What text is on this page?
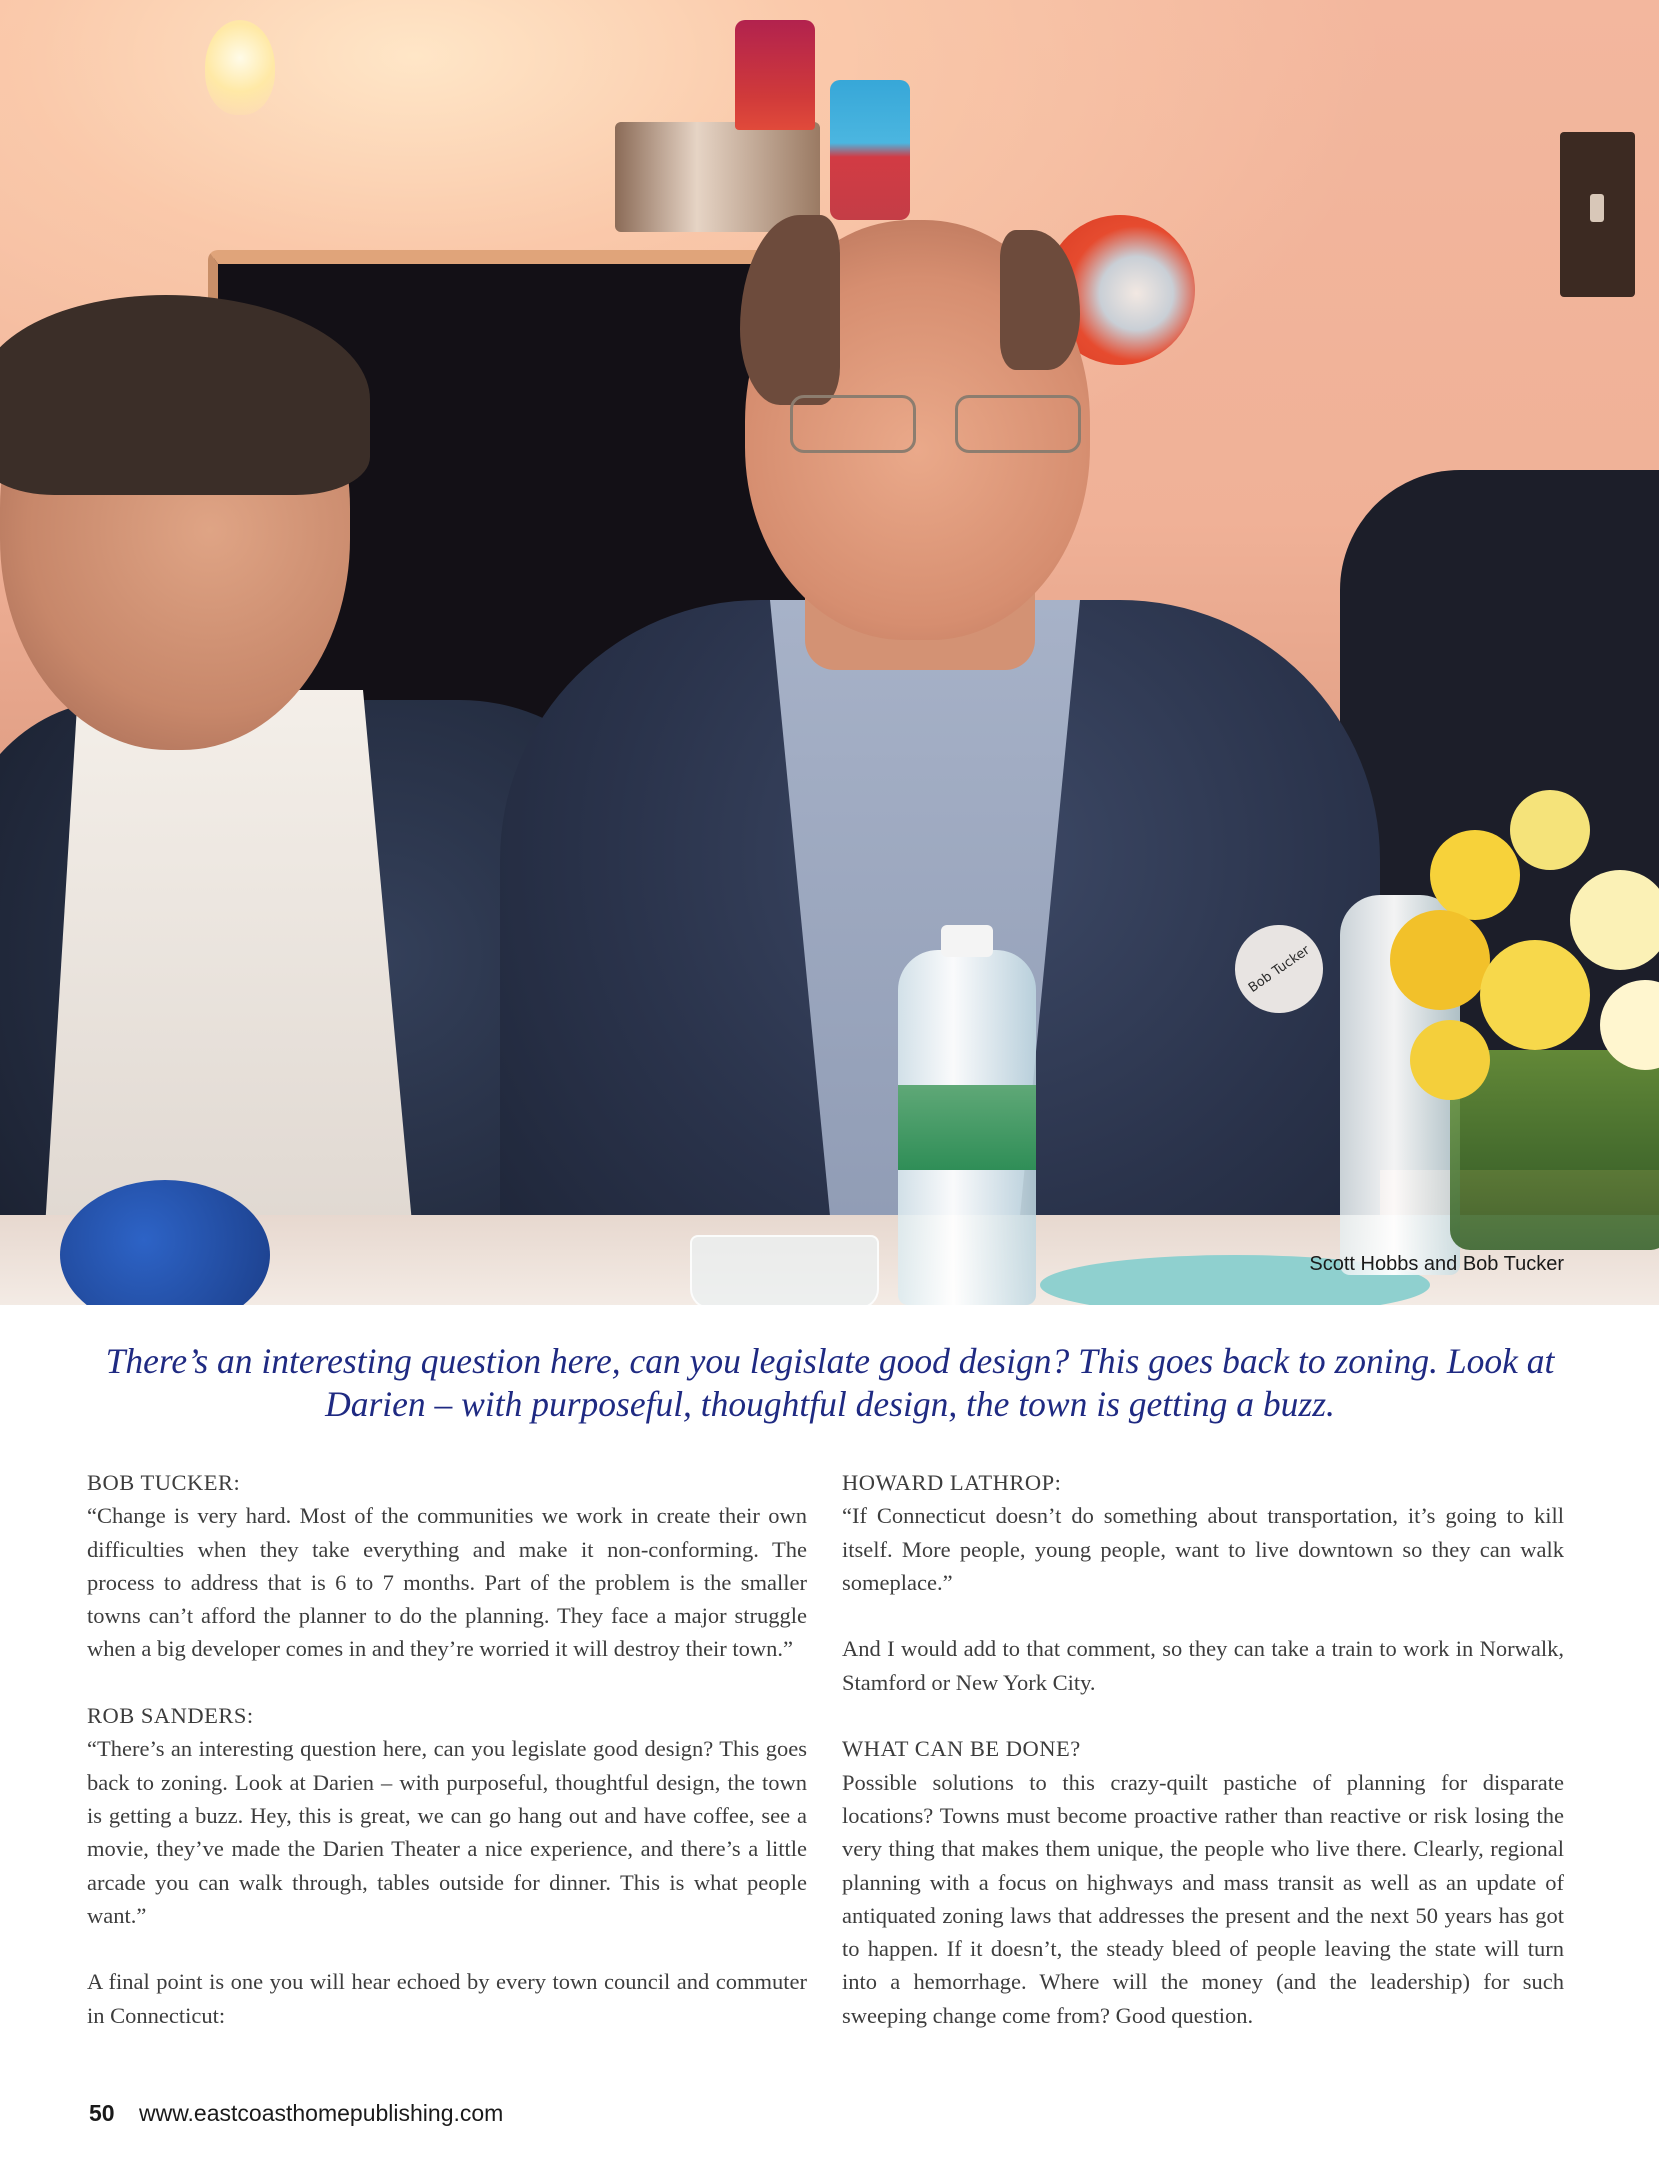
Bob Tucker
Scott Hobbs and Bob Tucker
There’s an interesting question here, can you legislate good design? This goes back to zoning. Look at
Darien – with purposeful, thoughtful design, the town is getting a buzz.

BOB TUCKER:
“Change is very hard. Most of the communities we work in create their own difficulties when they take everything and make it non-conforming. The process to address that is 6 to 7 months. Part of the problem is the smaller towns can’t afford the planner to do the planning. They face a major struggle when a big developer comes in and they’re worried it will destroy their town.”

ROB SANDERS:
“There’s an interesting question here, can you legislate good design? This goes back to zoning. Look at Darien – with purposeful, thoughtful design, the town is getting a buzz. Hey, this is great, we can go hang out and have coffee, see a movie, they’ve made the Darien Theater a nice experience, and there’s a little arcade you can walk through, tables outside for dinner. This is what people want.”

A final point is one you will hear echoed by every town council and commuter in Connecticut:

HOWARD LATHROP:
“If Connecticut doesn’t do something about transportation, it’s going to kill itself. More people, young people, want to live downtown so they can walk someplace.”

And I would add to that comment, so they can take a train to work in Norwalk, Stamford or New York City.

WHAT CAN BE DONE?
Possible solutions to this crazy-quilt pastiche of planning for disparate locations? Towns must become proactive rather than reactive or risk losing the very thing that makes them unique, the people who live there. Clearly, regional planning with a focus on highways and mass transit as well as an update of antiquated zoning laws that addresses the present and the next 50 years has got to happen. If it doesn’t, the steady bleed of people leaving the state will turn into a hemorrhage. Where will the money (and the leadership) for such sweeping change come from? Good question.

50 www.eastcoasthomepublishing.com
